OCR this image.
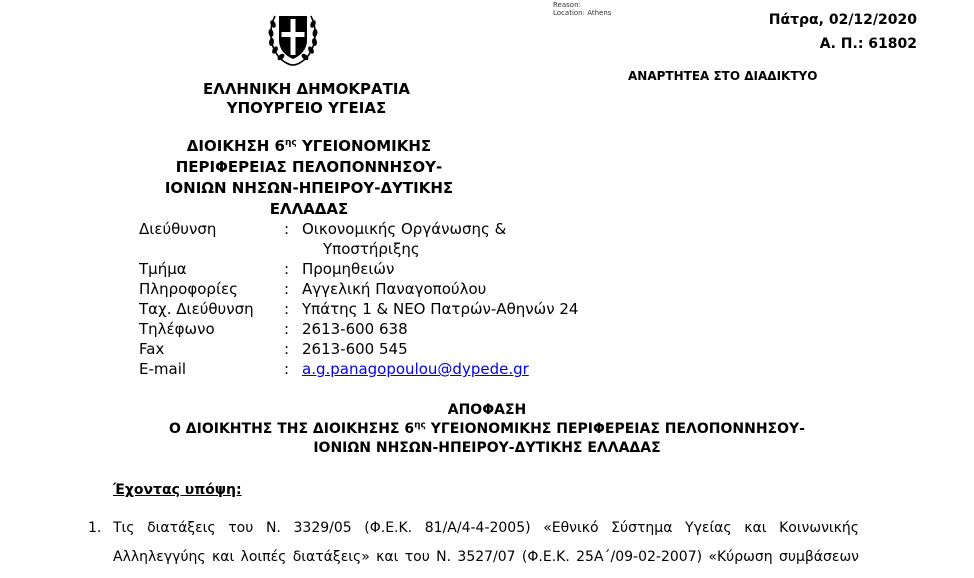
Reason:
Location: Athens	Πάτρα, 02/12/2020
Α. Π.: 61802
ΑΝΑΡΤΗΤΕΑ ΣΤΟ ΔΙΑΔΙΚΤΥΟ
ΕΛΛΗΝΙΚΗ ΔΗΜΟΚΡΑΤΙΑ
ΥΠΟΥΡΓΕΙΟ ΥΓΕΙΑΣ
ΔΙΟΙΚΗΣΗ $6^{\eta\varsigma}$ ΥΓΕΙΟΝΟΜΙΚΗΣ
ΠΕΡΙΦΕΡΕΙΑΣ ΠΕΛΟΠΟΝΝΗΣΟΥ-
ΙΟΝΙΩΝ ΝΗΣΩΝ-ΗΠΕΙΡΟΥ-ΔΥΤΙΚΗΣ
ΕΛΛΑΔΑΣ
Διεύθυνση	: Οικονομικής Οργάνωσης &
Υποστήριξης
Τμήμα	: Προμηθειών
Πληροφορίες	: Αγγελική Παναγοπούλου
Ταχ. Διεύθυνση : Υπάτης 1 & ΝΕΟ Πατρών-Αθηνών 24
Τηλέφωνο	: 2613-600 638
Fax	: 2613-600 545
E-mail	: a.g.panagopoulou@dypede.gr
ΑΠΟΦΑΣΗ
Ο ΔΙΟΙΚΗΤΗΣ ΤΗΣ ΔΙΟΙΚΗΣΗΣ $6^{\eta\varsigma}$ ΥΓΕΙΟΝΟΜΙΚΗΣ ΠΕΡΙΦΕΡΕΙΑΣ ΠΕΛΟΠΟΝΝΗΣΟΥ-
ΙΟΝΙΩΝ ΝΗΣΩΝ-ΗΠΕΙΡΟΥ-ΔΥΤΙΚΗΣ ΕΛΛΑΔΑΣ
Έχοντας υπόψη:
1. Τις διατάξεις του Ν. 3329/05 (Φ.Ε.Κ. 81/Α/4-4-2005) «Εθνικό Σύστημα Υγείας και Κοινωνικής
Αλληλεγγύης και λοιπές διατάξεις» και του Ν. 3527/07 (Φ.Ε.Κ. 25Α΄/09-02-2007) «Κύρωση συμβάσεων
